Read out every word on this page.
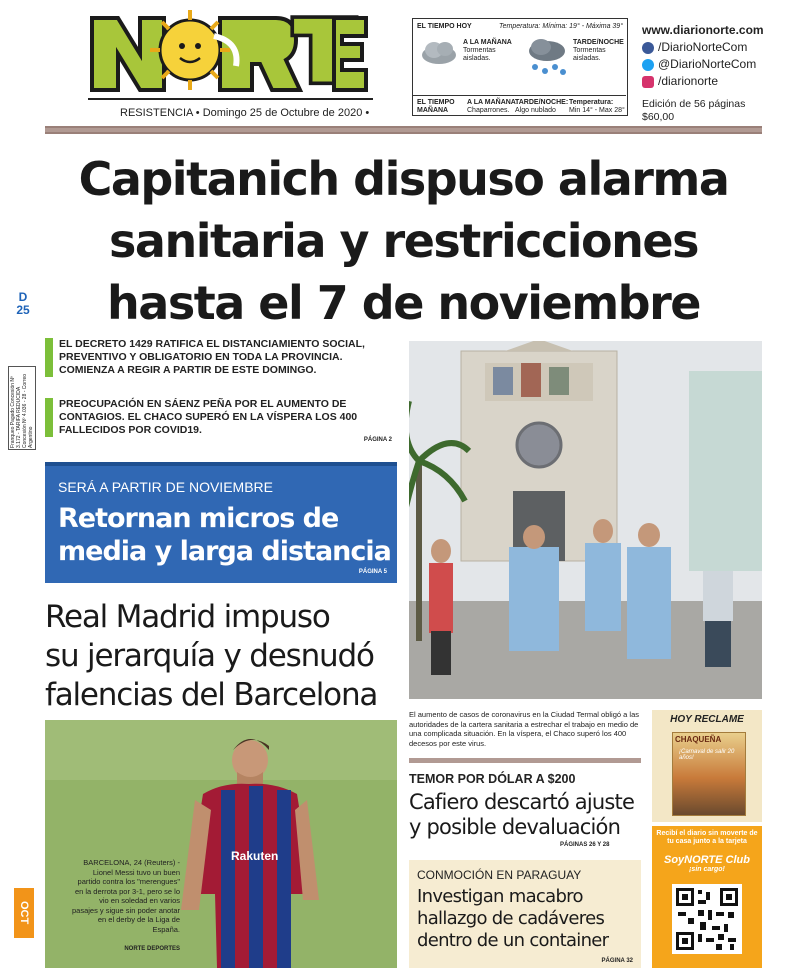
RESISTENCIA • Domingo 25 de Octubre de 2020 •
EL TIEMPO HOY	Temperatura: Mínima: 19° - Máxima 39°
A LA MAÑANA
Tormentas aisladas.
TARDE/NOCHE
Tormentas aisladas.
EL TIEMPO MAÑANA
A LA MAÑANA:
Chaparrones.
TARDE/NOCHE:
Algo nublado
Temperatura:
Min 14° - Max 28°
www.diarionorte.com
/DiarioNorteCom
@DiarioNorteCom
/diarionorte
Edición de 56 páginas
$60,00
Capitanich dispuso alarma
sanitaria y restricciones
hasta el 7 de noviembre
D
25
Franqueo Pagado Concesión Nº 3.172 - TARIFA REDUCIDA Concesión Nº 4.036 - 28 - Correo Argentino
OCT
EL DECRETO 1429 RATIFICA EL DISTANCIAMIENTO SOCIAL, PREVENTIVO Y OBLIGATORIO EN TODA LA PROVINCIA. COMIENZA A REGIR A PARTIR DE ESTE DOMINGO.
PREOCUPACIÓN EN SÁENZ PEÑA POR EL AUMENTO DE CONTAGIOS. EL CHACO SUPERÓ EN LA VÍSPERA LOS 400 FALLECIDOS POR COVID19.
PÁGINA 2
SERÁ A PARTIR DE NOVIEMBRE
Retornan micros de
media y larga distancia
PÁGINA 5
Real Madrid impuso
su jerarquía y desnudó
falencias del Barcelona
Rakuten
BARCELONA, 24 (Reuters) - Lionel Messi tuvo un buen partido contra los "merengues" en la derrota por 3-1, pero se lo vio en soledad en varios pasajes y sigue sin poder anotar en el derby de la Liga de España.
NORTE DEPORTES
El aumento de casos de coronavirus en la Ciudad Termal obligó a las autoridades de la cartera sanitaria a estrechar el trabajo en medio de una complicada situación. En la víspera, el Chaco superó los 400 decesos por este virus.
TEMOR POR DÓLAR A $200
Cafiero descartó ajuste
y posible devaluación
PÁGINAS 26 Y 28
CONMOCIÓN EN PARAGUAY
Investigan macabro
hallazgo de cadáveres
dentro de un container
PÁGINA 32
HOY RECLAME
CHAQUEÑA
¡Carnaval de salir 20 años!
Recibí el diario sin moverte de tu casa junto a la tarjeta
SoyNORTE Club
¡sin cargo!
